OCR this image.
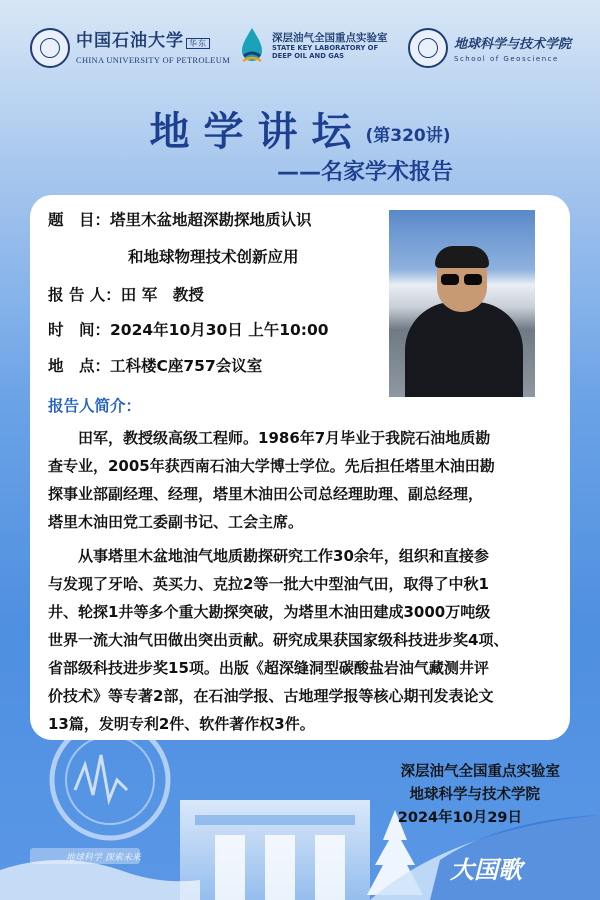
中国石油大学 华东
CHINA UNIVERSITY OF PETROLEUM
深层油气全国重点实验室
STATE KEY LABORATORY OF
DEEP OIL AND GAS
地球科学与技术学院
School of Geoscience
地学讲坛(第320讲)
——名家学术报告
题　目：塔里木盆地超深勘探地质认识
和地球物理技术创新应用
报 告 人：田 军　教授
时　间：2024年10月30日 上午10:00
地　点：工科楼C座757会议室
报告人简介：
　　田军，教授级高级工程师。1986年7月毕业于我院石油地质勘
查专业，2005年获西南石油大学博士学位。先后担任塔里木油田勘
探事业部副经理、经理，塔里木油田公司总经理助理、副总经理，
塔里木油田党工委副书记、工会主席。
　　从事塔里木盆地油气地质勘探研究工作30余年，组织和直接参
与发现了牙哈、英买力、克拉2等一批大中型油气田，取得了中秋1
井、轮探1井等多个重大勘探突破，为塔里木油田建成3000万吨级
世界一流大油气田做出突出贡献。研究成果获国家级科技进步奖4项、
省部级科技进步奖15项。出版《超深缝洞型碳酸盐岩油气藏测井评
价技术》等专著2部，在石油学报、古地理学报等核心期刊发表论文
13篇，发明专利2件、软件著作权3件。
地球科学 探索未来	大国歌
深层油气全国重点实验室
地球科学与技术学院
2024年10月29日
